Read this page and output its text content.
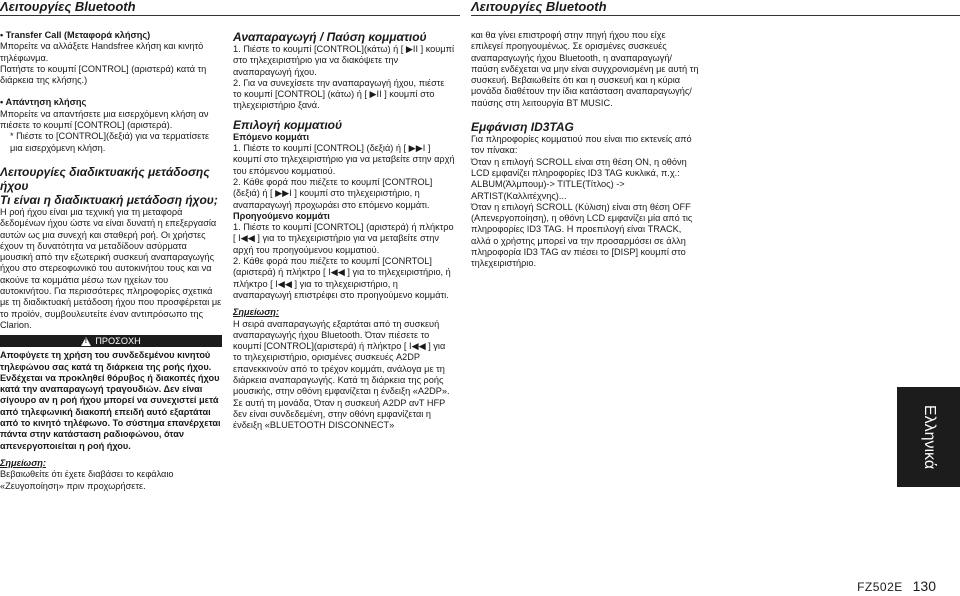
Λειτουργίες Bluetooth	Λειτουργίες Bluetooth

• Transfer Call (Μεταφορά κλήσης)

Μπορείτε να αλλάξετε Handsfree κλήση και κινητό τηλέφωνμα.

Πατήστε το κουμπί [CONTROL] (αριστερά) κατά τη διάρκεια της κλήσης.)

• Απάντηση κλήσης

Μπορείτε να απαντήσετε μια εισερχόμενη κλήση αν πιέσετε το κουμπί [CONTROL] (αριστερά).

* Πιέστε το [CONTROL](δεξιά) για να τερματίσετε μια εισερχόμενη κλήση.

Λειτουργίες διαδικτυακής μετάδοσης ήχου

Τι είναι η διαδικτυακή μετάδοση ήχου;

Η ροή ήχου είναι μια τεχνική για τη μεταφορά δεδομένων ήχου ώστε να είναι δυνατή η επεξεργασία αυτών ως μια συνεχή και σταθερή ροή. Οι χρήστες έχουν τη δυνατότητα να μεταδίδουν ασύρματα μουσική από την εξωτερική συσκευή αναπαραγωγής ήχου στο στερεοφωνικό του αυτοκινήτου τους και να ακούνε τα κομμάτια μέσω των ηχείων του αυτοκινήτου. Για περισσότερες πληροφορίες σχετικά με τη διαδικτυακή μετάδοση ήχου που προσφέρεται με το προϊόν, συμβουλευτείτε έναν αντιπρόσωπο της Clarion.

!
ΠΡΟΣΟΧΗ

Αποφύγετε τη χρήση του συνδεδεμένου κινητού τηλεφώνου σας κατά τη διάρκεια της ροής ήχου. Ενδέχεται να προκληθεί θόρυβος ή διακοπές ήχου κατά την αναπαραγωγή τραγουδιών. Δεν είναι σίγουρο αν η ροή ήχου μπορεί να συνεχιστεί μετά από τηλεφωνική διακοπή επειδή αυτό εξαρτάται από το κινητό τηλέφωνο. Το σύστημα επανέρχεται πάντα στην κατάσταση ραδιοφώνου, όταν απενεργοποιείται η ροή ήχου.

Σημείωση:

Βεβαιωθείτε ότι έχετε διαβάσει το κεφάλαιο «Ζευγοποίηση» πριν προχωρήσετε.

Αναπαραγωγή / Παύση κομματιού

1. Πιέστε το κουμπί [CONTROL](κάτω) ή [ ▶II ] κουμπί στο τηλεχειριστήριο για να διακόψετε την αναπαραγωγή ήχου.

2. Για να συνεχίσετε την αναπαραγωγή ήχου, πιέστε το κουμπί [CONTROL] (κάτω) ή [ ▶II ] κουμπί στο τηλεχειριστήριο ξανά.

Επιλογή κομματιού

Επόμενο κομμάτι

1. Πιέστε το κουμπί [CONTROL] (δεξιά) ή [ ▶▶I ] κουμπί στο τηλεχειριστήριο για να μεταβείτε στην αρχή του επόμενου κομματιού.

2. Κάθε φορά που πιέζετε το κουμπί [CONTROL] (δεξιά) ή [ ▶▶I ] κουμπί στο τηλεχειριστήριο, η αναπαραγωγή προχωράει στο επόμενο κομμάτι.

Προηγούμενο κομμάτι

1. Πιέστε το κουμπί [CONRTOL] (αριστερά) ή πλήκτρο [ I◀◀ ] για το τηλεχειριστήριο για να μεταβείτε στην αρχή του προηγούμενου κομματιού.

2. Κάθε φορά που πιέζετε το κουμπί [CONRTOL](αριστερά) ή πλήκτρο [ I◀◀ ] για το τηλεχειριστήριο, ή πλήκτρο [ I◀◀ ] για το τηλεχειριστήριο, η αναπαραγωγή επιστρέφει στο προηγούμενο κομμάτι.

Σημείωση:

Η σειρά αναπαραγωγής εξαρτάται από τη συσκευή αναπαραγωγής ήχου Bluetooth. Όταν πιέσετε το κουμπί [CONTROL](αριστερά) ή πλήκτρο [ I◀◀ ] για το τηλεχειριστήριο, ορισμένες συσκευές A2DP επανεκκινούν από το τρέχον κομμάτι, ανάλογα με τη διάρκεια αναπαραγωγής. Κατά τη διάρκεια της ροής μουσικής, στην οθόνη εμφανίζεται η ένδειξη «A2DP». Σε αυτή τη μονάδα, Όταν η συσκευή A2DP ανT HFP δεν είναι συνδεδεμένη, στην οθόνη εμφανίζεται η ένδειξη «BLUETOOTH DISCONNECT»

και θα γίνει επιστροφή στην πηγή ήχου που είχε επιλεγεί προηγουμένως. Σε ορισμένες συσκευές αναπαραγωγής ήχου Bluetooth, η αναπαραγωγή/παύση ενδέχεται να μην είναι συγχρονισμένη με αυτή τη συσκευή. Βεβαιωθείτε ότι και η συσκευή και η κύρια μονάδα διαθέτουν την ίδια κατάσταση αναπαραγωγής/παύσης στη λειτουργία BT MUSIC.

Εμφάνιση ID3TAG

Για πληροφορίες κομματιού που είναι πιο εκτενείς από τον πίνακα:

Όταν η επιλογή SCROLL είναι στη θέση ON, η οθόνη LCD εμφανίζει πληροφορίες ID3 TAG κυκλικά, π.χ.:

ALBUM(Άλμπουμ)-> TITLE(Τίτλος) -> ARTIST(Καλλιτέχνης)...

Όταν η επιλογή SCROLL (Κύλιση) είναι στη θέση OFF (Απενεργοποίηση), η οθόνη LCD εμφανίζει μία από τις πληροφορίες ID3 TAG. Η προεπιλογή είναι TRACK, αλλά ο χρήστης μπορεί να την προσαρμόσει σε άλλη πληροφορία ID3 TAG αν πιέσει το [DISP] κουμπί στο τηλεχειριστήριο.

Ελληνικά
FZ502E 130
